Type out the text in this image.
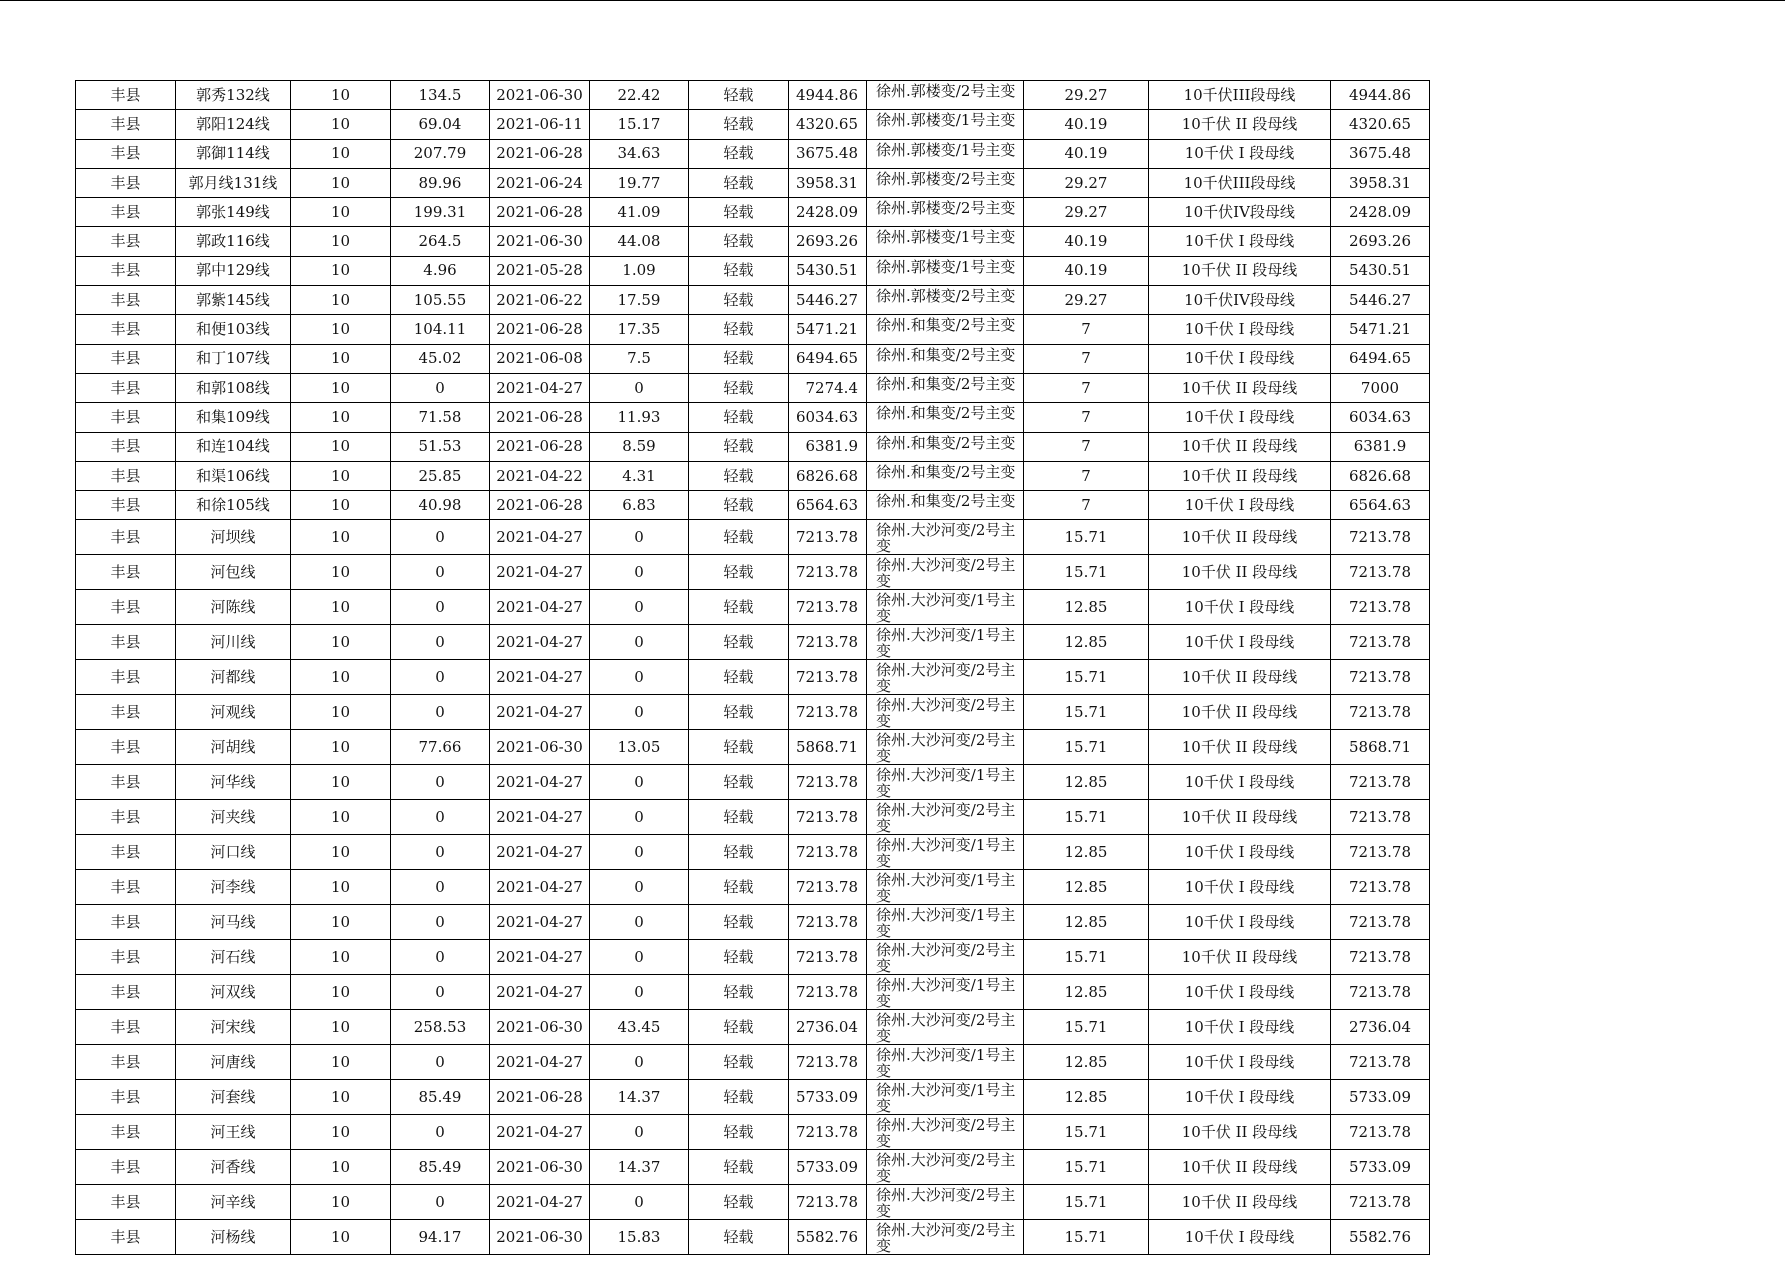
丰县	郭秀132线	10	134.5	2021-06-30	22.42	轻载	4944.86	徐州.郭楼变/2号主变	29.27	10千伏III段母线	4944.86
丰县	郭阳124线	10	69.04	2021-06-11	15.17	轻载	4320.65	徐州.郭楼变/1号主变	40.19	10千伏 II 段母线	4320.65
丰县	郭御114线	10	207.79	2021-06-28	34.63	轻载	3675.48	徐州.郭楼变/1号主变	40.19	10千伏 I 段母线	3675.48
丰县	郭月线131线	10	89.96	2021-06-24	19.77	轻载	3958.31	徐州.郭楼变/2号主变	29.27	10千伏III段母线	3958.31
丰县	郭张149线	10	199.31	2021-06-28	41.09	轻载	2428.09	徐州.郭楼变/2号主变	29.27	10千伏IV段母线	2428.09
丰县	郭政116线	10	264.5	2021-06-30	44.08	轻载	2693.26	徐州.郭楼变/1号主变	40.19	10千伏 I 段母线	2693.26
丰县	郭中129线	10	4.96	2021-05-28	1.09	轻载	5430.51	徐州.郭楼变/1号主变	40.19	10千伏 II 段母线	5430.51
丰县	郭紫145线	10	105.55	2021-06-22	17.59	轻载	5446.27	徐州.郭楼变/2号主变	29.27	10千伏IV段母线	5446.27
丰县	和便103线	10	104.11	2021-06-28	17.35	轻载	5471.21	徐州.和集变/2号主变	7	10千伏 I 段母线	5471.21
丰县	和丁107线	10	45.02	2021-06-08	7.5	轻载	6494.65	徐州.和集变/2号主变	7	10千伏 I 段母线	6494.65
丰县	和郭108线	10	0	2021-04-27	0	轻载	7274.4	徐州.和集变/2号主变	7	10千伏 II 段母线	7000
丰县	和集109线	10	71.58	2021-06-28	11.93	轻载	6034.63	徐州.和集变/2号主变	7	10千伏 I 段母线	6034.63
丰县	和连104线	10	51.53	2021-06-28	8.59	轻载	6381.9	徐州.和集变/2号主变	7	10千伏 II 段母线	6381.9
丰县	和渠106线	10	25.85	2021-04-22	4.31	轻载	6826.68	徐州.和集变/2号主变	7	10千伏 II 段母线	6826.68
丰县	和徐105线	10	40.98	2021-06-28	6.83	轻载	6564.63	徐州.和集变/2号主变	7	10千伏 I 段母线	6564.63
丰县	河坝线	10	0	2021-04-27	0	轻载	7213.78	徐州.大沙河变/2号主变	15.71	10千伏 II 段母线	7213.78
丰县	河包线	10	0	2021-04-27	0	轻载	7213.78	徐州.大沙河变/2号主变	15.71	10千伏 II 段母线	7213.78
丰县	河陈线	10	0	2021-04-27	0	轻载	7213.78	徐州.大沙河变/1号主变	12.85	10千伏 I 段母线	7213.78
丰县	河川线	10	0	2021-04-27	0	轻载	7213.78	徐州.大沙河变/1号主变	12.85	10千伏 I 段母线	7213.78
丰县	河都线	10	0	2021-04-27	0	轻载	7213.78	徐州.大沙河变/2号主变	15.71	10千伏 II 段母线	7213.78
丰县	河观线	10	0	2021-04-27	0	轻载	7213.78	徐州.大沙河变/2号主变	15.71	10千伏 II 段母线	7213.78
丰县	河胡线	10	77.66	2021-06-30	13.05	轻载	5868.71	徐州.大沙河变/2号主变	15.71	10千伏 II 段母线	5868.71
丰县	河华线	10	0	2021-04-27	0	轻载	7213.78	徐州.大沙河变/1号主变	12.85	10千伏 I 段母线	7213.78
丰县	河夹线	10	0	2021-04-27	0	轻载	7213.78	徐州.大沙河变/2号主变	15.71	10千伏 II 段母线	7213.78
丰县	河口线	10	0	2021-04-27	0	轻载	7213.78	徐州.大沙河变/1号主变	12.85	10千伏 I 段母线	7213.78
丰县	河李线	10	0	2021-04-27	0	轻载	7213.78	徐州.大沙河变/1号主变	12.85	10千伏 I 段母线	7213.78
丰县	河马线	10	0	2021-04-27	0	轻载	7213.78	徐州.大沙河变/1号主变	12.85	10千伏 I 段母线	7213.78
丰县	河石线	10	0	2021-04-27	0	轻载	7213.78	徐州.大沙河变/2号主变	15.71	10千伏 II 段母线	7213.78
丰县	河双线	10	0	2021-04-27	0	轻载	7213.78	徐州.大沙河变/1号主变	12.85	10千伏 I 段母线	7213.78
丰县	河宋线	10	258.53	2021-06-30	43.45	轻载	2736.04	徐州.大沙河变/2号主变	15.71	10千伏 I 段母线	2736.04
丰县	河唐线	10	0	2021-04-27	0	轻载	7213.78	徐州.大沙河变/1号主变	12.85	10千伏 I 段母线	7213.78
丰县	河套线	10	85.49	2021-06-28	14.37	轻载	5733.09	徐州.大沙河变/1号主变	12.85	10千伏 I 段母线	5733.09
丰县	河王线	10	0	2021-04-27	0	轻载	7213.78	徐州.大沙河变/2号主变	15.71	10千伏 II 段母线	7213.78
丰县	河香线	10	85.49	2021-06-30	14.37	轻载	5733.09	徐州.大沙河变/2号主变	15.71	10千伏 II 段母线	5733.09
丰县	河辛线	10	0	2021-04-27	0	轻载	7213.78	徐州.大沙河变/2号主变	15.71	10千伏 II 段母线	7213.78
丰县	河杨线	10	94.17	2021-06-30	15.83	轻载	5582.76	徐州.大沙河变/2号主变	15.71	10千伏 I 段母线	5582.76
